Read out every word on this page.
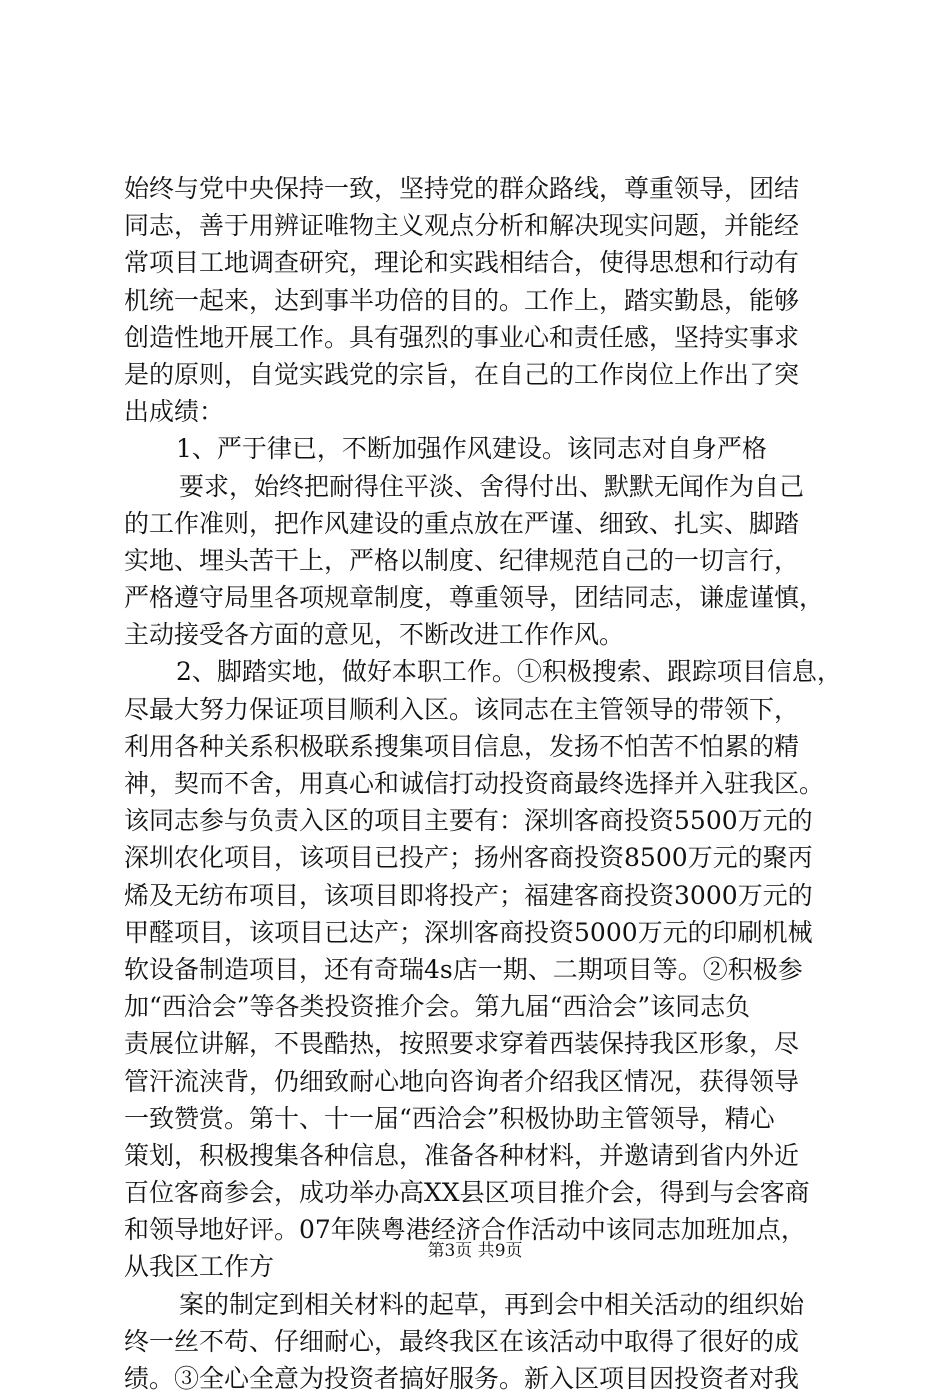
始终与党中央保持一致，坚持党的群众路线，尊重领导，团结
同志，善于用辨证唯物主义观点分析和解决现实问题，并能经
常项目工地调查研究，理论和实践相结合，使得思想和行动有
机统一起来，达到事半功倍的目的。工作上，踏实勤恳，能够
创造性地开展工作。具有强烈的事业心和责任感，坚持实事求
是的原则，自觉实践党的宗旨，在自己的工作岗位上作出了突
出成绩：
1、严于律已，不断加强作风建设。该同志对自身严格
要求，始终把耐得住平淡、舍得付出、默默无闻作为自己
的工作准则，把作风建设的重点放在严谨、细致、扎实、脚踏
实地、埋头苦干上，严格以制度、纪律规范自己的一切言行，
严格遵守局里各项规章制度，尊重领导，团结同志，谦虚谨慎，
主动接受各方面的意见，不断改进工作作风。
2、脚踏实地，做好本职工作。①积极搜索、跟踪项目信息，
尽最大努力保证项目顺利入区。该同志在主管领导的带领下，
利用各种关系积极联系搜集项目信息，发扬不怕苦不怕累的精
神，契而不舍，用真心和诚信打动投资商最终选择并入驻我区。
该同志参与负责入区的项目主要有：深圳客商投资5500万元的
深圳农化项目，该项目已投产；扬州客商投资8500万元的聚丙
烯及无纺布项目，该项目即将投产；福建客商投资3000万元的
甲醛项目，该项目已达产；深圳客商投资5000万元的印刷机械
软设备制造项目，还有奇瑞4s店一期、二期项目等。②积极参
加“西洽会”等各类投资推介会。第九届“西洽会”该同志负
责展位讲解，不畏酷热，按照要求穿着西装保持我区形象，尽
管汗流浃背，仍细致耐心地向咨询者介绍我区情况，获得领导
一致赞赏。第十、十一届“西洽会”积极协助主管领导，精心
策划，积极搜集各种信息，准备各种材料，并邀请到省内外近
百位客商参会，成功举办高XX县区项目推介会，得到与会客商
和领导地好评。07年陕粤港经济合作活动中该同志加班加点，
从我区工作方
案的制定到相关材料的起草，再到会中相关活动的组织始
终一丝不苟、仔细耐心，最终我区在该活动中取得了很好的成
绩。③全心全意为投资者搞好服务。新入区项目因投资者对我
第3页 共9页
